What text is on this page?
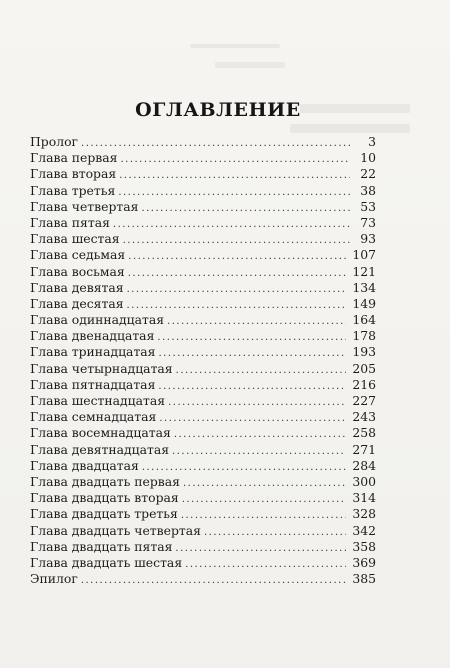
ОГЛАВЛЕНИЕ
Пролог .....	3
Глава первая .....	10
Глава вторая .....	22
Глава третья .....	38
Глава четвертая .....	53
Глава пятая .....	73
Глава шестая .....	93
Глава седьмая .....	107
Глава восьмая .....	121
Глава девятая .....	134
Глава десятая .....	149
Глава одиннадцатая .....	164
Глава двенадцатая .....	178
Глава тринадцатая .....	193
Глава четырнадцатая .....	205
Глава пятнадцатая .....	216
Глава шестнадцатая .....	227
Глава семнадцатая .....	243
Глава восемнадцатая .....	258
Глава девятнадцатая .....	271
Глава двадцатая .....	284
Глава двадцать первая .....	300
Глава двадцать вторая .....	314
Глава двадцать третья .....	328
Глава двадцать четвертая .....	342
Глава двадцать пятая .....	358
Глава двадцать шестая .....	369
Эпилог .....	385
